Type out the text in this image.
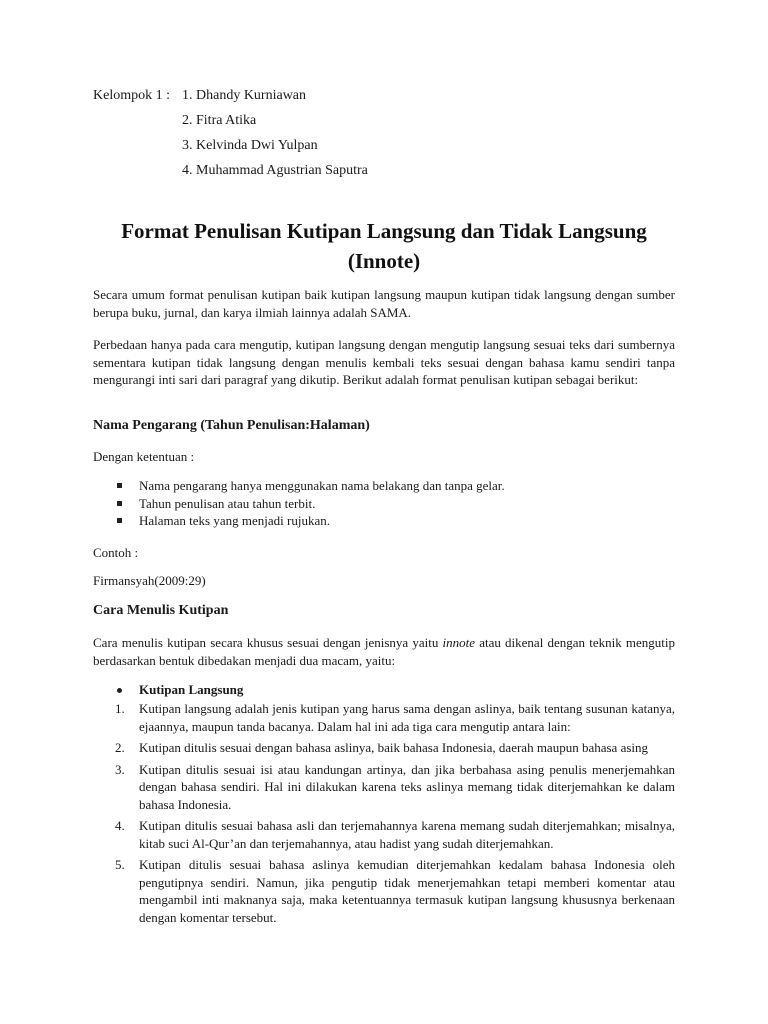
Kelompok 1 : 1. Dhandy Kurniawan
2. Fitra Atika
3. Kelvinda Dwi Yulpan
4. Muhammad Agustrian Saputra
Format Penulisan Kutipan Langsung dan Tidak Langsung
(Innote)
Secara umum format penulisan kutipan baik kutipan langsung maupun kutipan tidak langsung dengan sumber berupa buku, jurnal, dan karya ilmiah lainnya adalah SAMA.
Perbedaan hanya pada cara mengutip, kutipan langsung dengan mengutip langsung sesuai teks dari sumbernya sementara kutipan tidak langsung dengan menulis kembali teks sesuai dengan bahasa kamu sendiri tanpa mengurangi inti sari dari paragraf yang dikutip. Berikut adalah format penulisan kutipan sebagai berikut:
Nama Pengarang (Tahun Penulisan:Halaman)
Dengan ketentuan :
Nama pengarang hanya menggunakan nama belakang dan tanpa gelar.
Tahun penulisan atau tahun terbit.
Halaman teks yang menjadi rujukan.
Contoh :
Firmansyah(2009:29)
Cara Menulis Kutipan
Cara menulis kutipan secara khusus sesuai dengan jenisnya yaitu innote atau dikenal dengan teknik mengutip berdasarkan bentuk dibedakan menjadi dua macam, yaitu:
Kutipan Langsung
1. Kutipan langsung adalah jenis kutipan yang harus sama dengan aslinya, baik tentang susunan katanya, ejaannya, maupun tanda bacanya. Dalam hal ini ada tiga cara mengutip antara lain:
2. Kutipan ditulis sesuai dengan bahasa aslinya, baik bahasa Indonesia, daerah maupun bahasa asing
3. Kutipan ditulis sesuai isi atau kandungan artinya, dan jika berbahasa asing penulis menerjemahkan dengan bahasa sendiri. Hal ini dilakukan karena teks aslinya memang tidak diterjemahkan ke dalam bahasa Indonesia.
4. Kutipan ditulis sesuai bahasa asli dan terjemahannya karena memang sudah diterjemahkan; misalnya, kitab suci Al-Qur’an dan terjemahannya, atau hadist yang sudah diterjemahkan.
5. Kutipan ditulis sesuai bahasa aslinya kemudian diterjemahkan kedalam bahasa Indonesia oleh pengutipnya sendiri. Namun, jika pengutip tidak menerjemahkan tetapi memberi komentar atau mengambil inti maknanya saja, maka ketentuannya termasuk kutipan langsung khususnya berkenaan dengan komentar tersebut.
